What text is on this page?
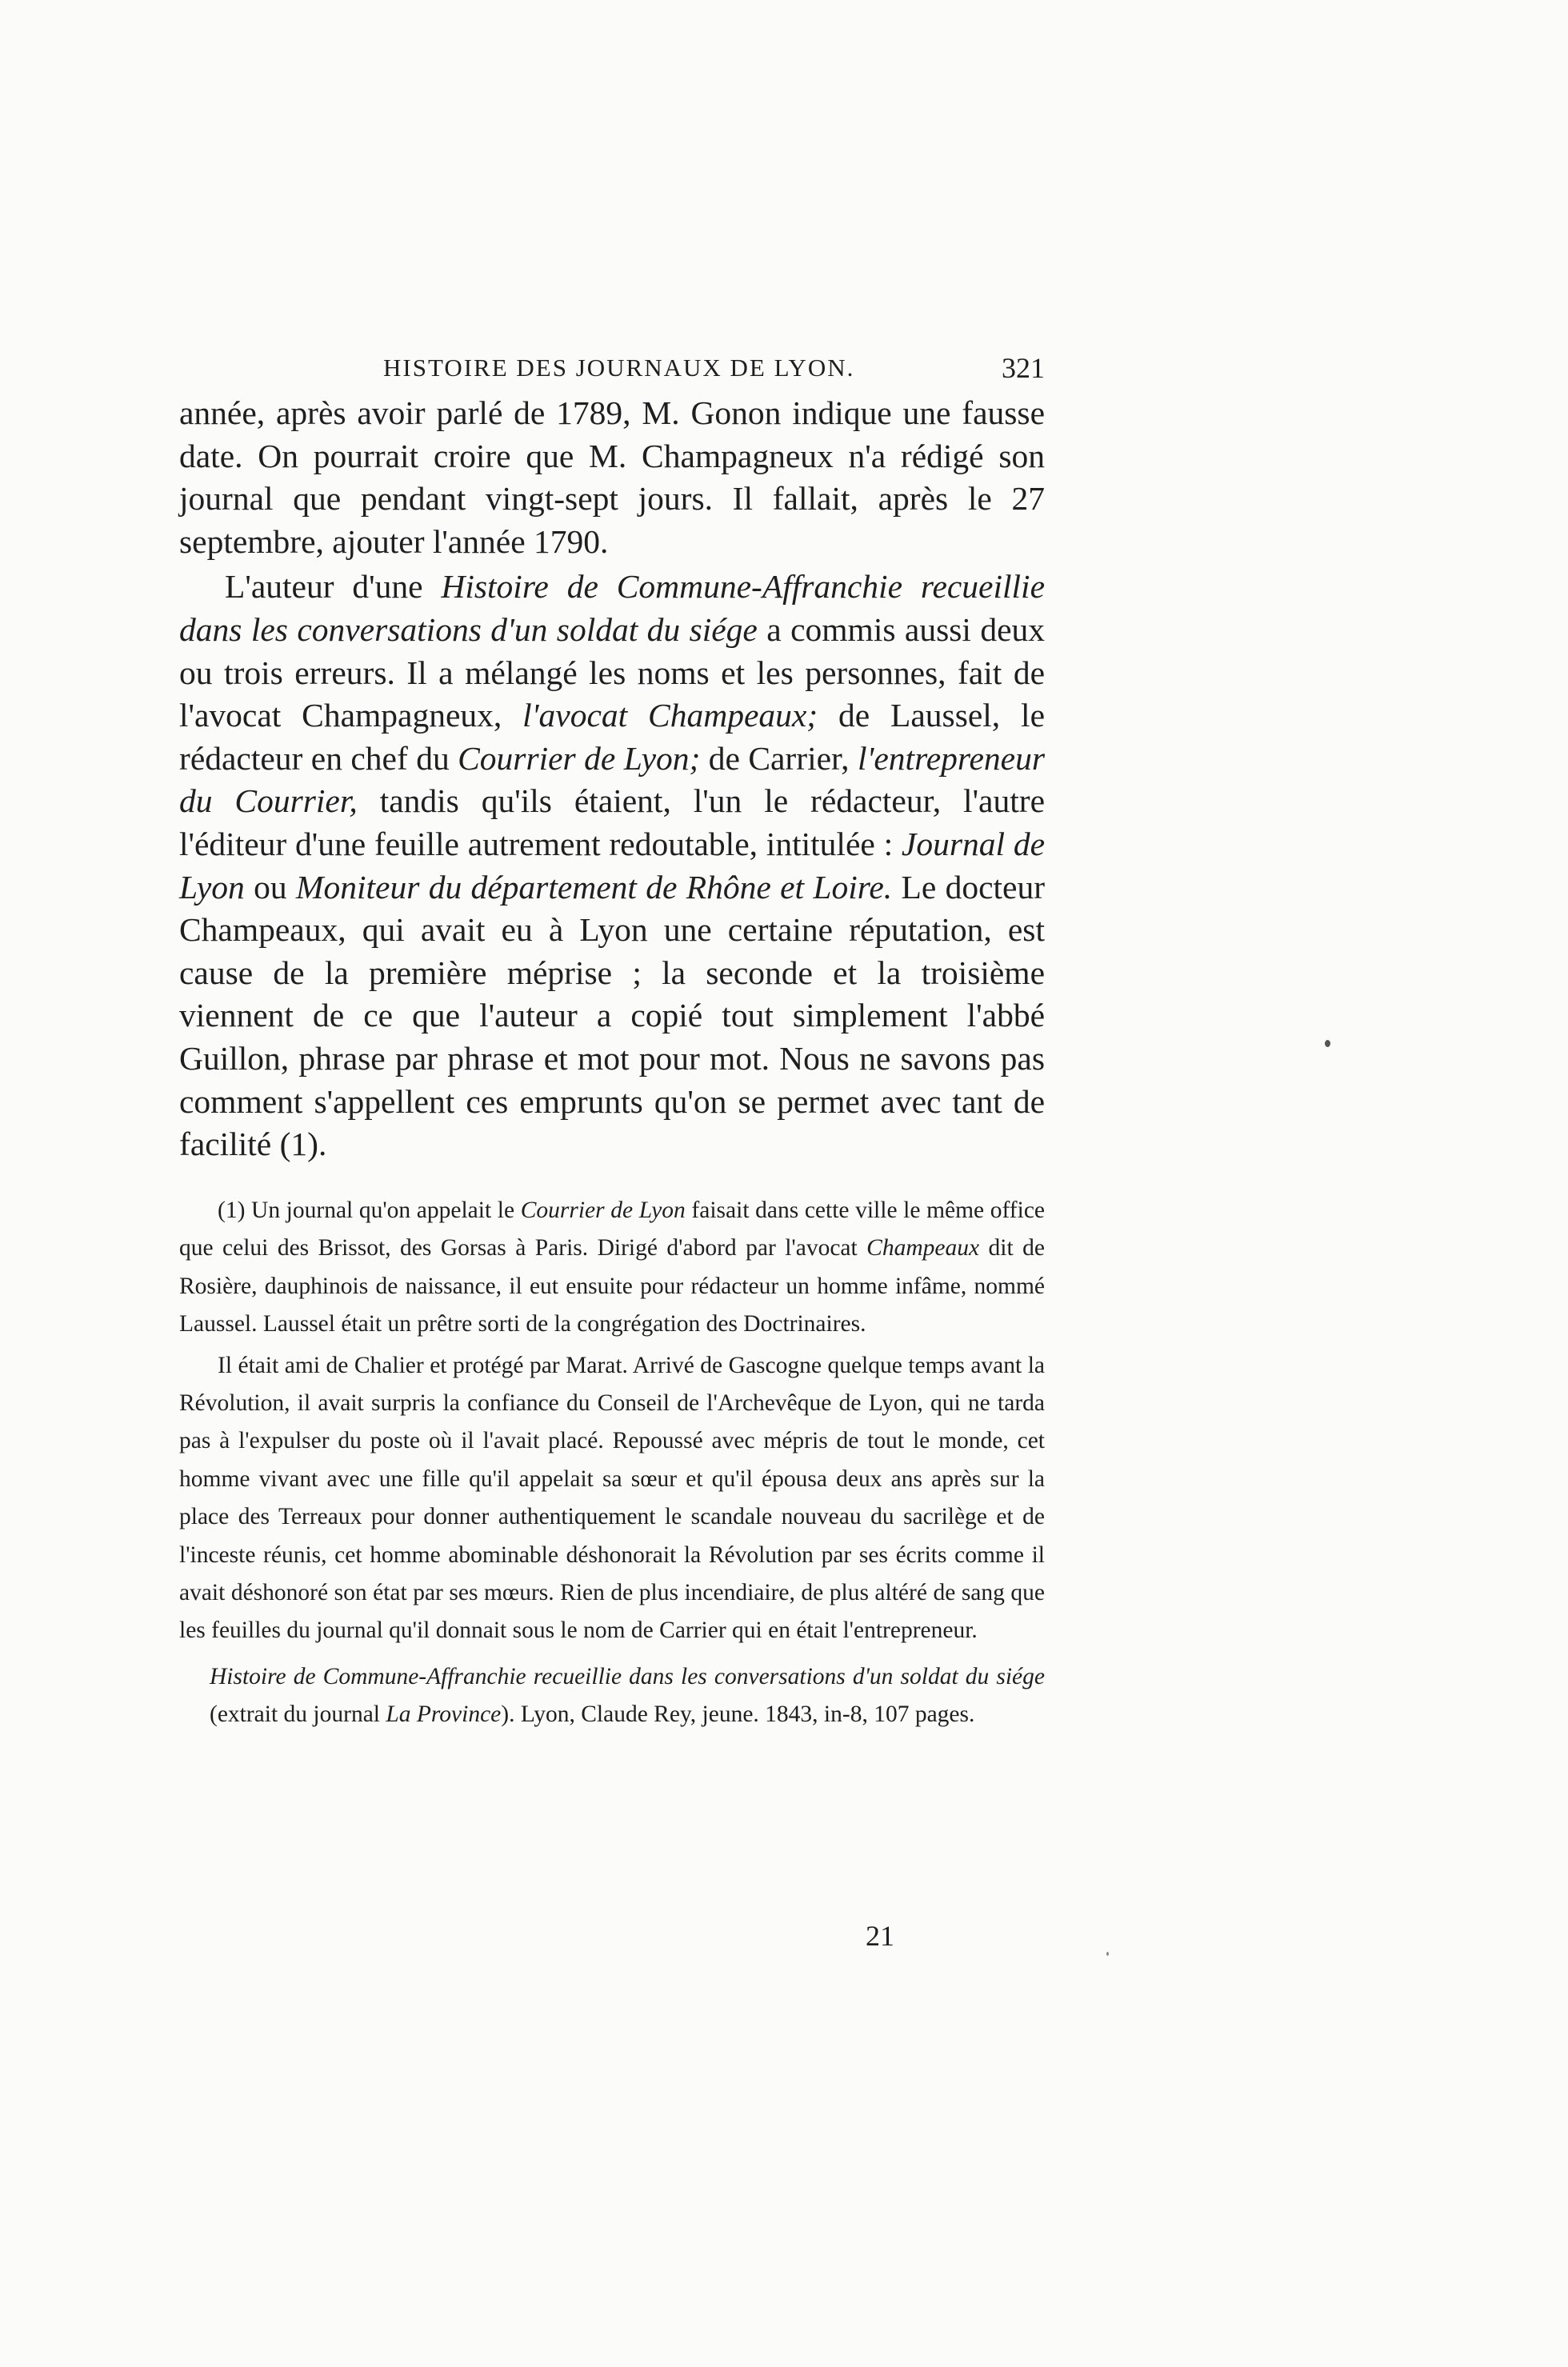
HISTOIRE DES JOURNAUX DE LYON.	321

année, après avoir parlé de 1789, M. Gonon indique une fausse date. On pourrait croire que M. Champagneux n'a rédigé son journal que pendant vingt-sept jours. Il fallait, après le 27 septembre, ajouter l'année 1790.

L'auteur d'une Histoire de Commune-Affranchie recueillie dans les conversations d'un soldat du siége a commis aussi deux ou trois erreurs. Il a mélangé les noms et les personnes, fait de l'avocat Champagneux, l'avocat Champeaux; de Laussel, le rédacteur en chef du Courrier de Lyon; de Carrier, l'entrepreneur du Courrier, tandis qu'ils étaient, l'un le rédacteur, l'autre l'éditeur d'une feuille autrement redoutable, intitulée : Journal de Lyon ou Moniteur du département de Rhône et Loire. Le docteur Champeaux, qui avait eu à Lyon une certaine réputation, est cause de la première méprise ; la seconde et la troisième viennent de ce que l'auteur a copié tout simplement l'abbé Guillon, phrase par phrase et mot pour mot. Nous ne savons pas comment s'appellent ces emprunts qu'on se permet avec tant de facilité (1).

(1) Un journal qu'on appelait le Courrier de Lyon faisait dans cette ville le même office que celui des Brissot, des Gorsas à Paris. Dirigé d'abord par l'avocat Champeaux dit de Rosière, dauphinois de naissance, il eut ensuite pour rédacteur un homme infâme, nommé Laussel. Laussel était un prêtre sorti de la congrégation des Doctrinaires.

Il était ami de Chalier et protégé par Marat. Arrivé de Gascogne quelque temps avant la Révolution, il avait surpris la confiance du Conseil de l'Archevêque de Lyon, qui ne tarda pas à l'expulser du poste où il l'avait placé. Repoussé avec mépris de tout le monde, cet homme vivant avec une fille qu'il appelait sa sœur et qu'il épousa deux ans après sur la place des Terreaux pour donner authentiquement le scandale nouveau du sacrilège et de l'inceste réunis, cet homme abominable déshonorait la Révolution par ses écrits comme il avait déshonoré son état par ses mœurs. Rien de plus incendiaire, de plus altéré de sang que les feuilles du journal qu'il donnait sous le nom de Carrier qui en était l'entrepreneur.

Histoire de Commune-Affranchie recueillie dans les conversations d'un soldat du siége (extrait du journal La Province). Lyon, Claude Rey, jeune. 1843, in-8, 107 pages.

21
